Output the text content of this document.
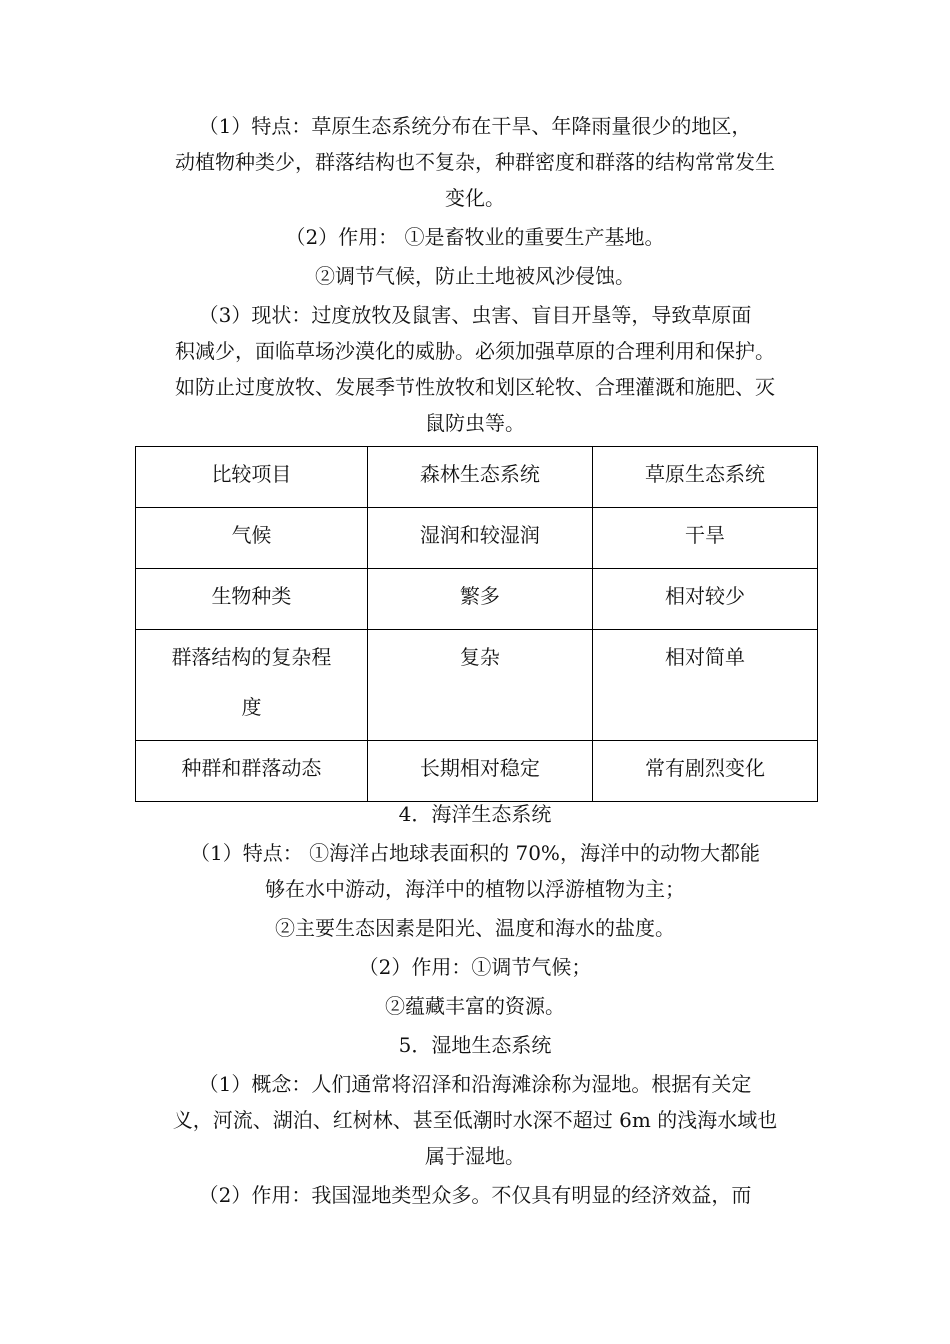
（1）特点：草原生态系统分布在干旱、年降雨量很少的地区，
动植物种类少，群落结构也不复杂，种群密度和群落的结构常常发生
变化。

（2）作用： ①是畜牧业的重要生产基地。

②调节气候，防止土地被风沙侵蚀。

（3）现状：过度放牧及鼠害、虫害、盲目开垦等，导致草原面
积减少，面临草场沙漠化的威胁。必须加强草原的合理利用和保护。
如防止过度放牧、发展季节性放牧和划区轮牧、合理灌溉和施肥、灭
鼠防虫等。

比较项目	森林生态系统	草原生态系统

气候	湿润和较湿润	干旱

生物种类	繁多	相对较少

群落结构的复杂程度	复杂	相对简单

种群和群落动态	长期相对稳定	常有剧烈变化

4．海洋生态系统

（1）特点： ①海洋占地球表面积的 70%，海洋中的动物大都能
够在水中游动，海洋中的植物以浮游植物为主；

②主要生态因素是阳光、温度和海水的盐度。

（2）作用：①调节气候；

②蕴藏丰富的资源。

5．湿地生态系统

（1）概念：人们通常将沼泽和沿海滩涂称为湿地。根据有关定
义，河流、湖泊、红树林、甚至低潮时水深不超过 6m 的浅海水域也
属于湿地。

（2）作用：我国湿地类型众多。不仅具有明显的经济效益，而
